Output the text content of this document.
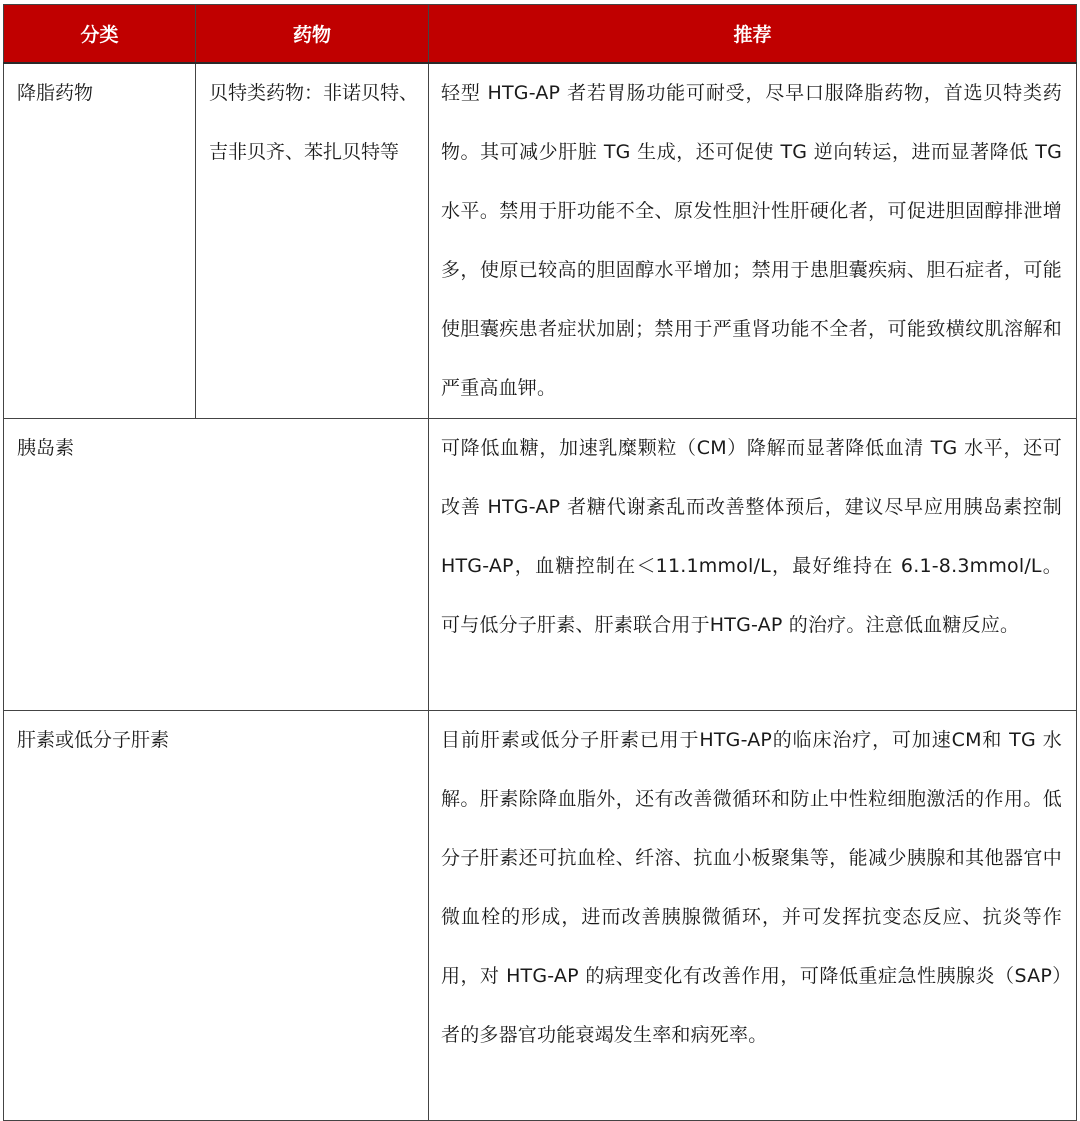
分类	药物	推荐
降脂药物	贝特类药物：非诺贝特、吉非贝齐、苯扎贝特等	轻型 HTG-AP 者若胃肠功能可耐受，尽早口服降脂药物，首选贝特类药物。其可减少肝脏 TG 生成，还可促使 TG 逆向转运，进而显著降低 TG 水平。禁用于肝功能不全、原发性胆汁性肝硬化者，可促进胆固醇排泄增多，使原已较高的胆固醇水平增加；禁用于患胆囊疾病、胆石症者，可能使胆囊疾患者症状加剧；禁用于严重肾功能不全者，可能致横纹肌溶解和严重高血钾。
胰岛素		可降低血糖，加速乳糜颗粒（CM）降解而显著降低血清 TG 水平，还可改善 HTG-AP 者糖代谢紊乱而改善整体预后，建议尽早应用胰岛素控制 HTG-AP，血糖控制在＜11.1mmol/L，最好维持在 6.1-8.3mmol/L。可与低分子肝素、肝素联合用于HTG-AP 的治疗。注意低血糖反应。
肝素或低分子肝素		目前肝素或低分子肝素已用于HTG-AP的临床治疗，可加速CM和 TG 水解。肝素除降血脂外，还有改善微循环和防止中性粒细胞激活的作用。低分子肝素还可抗血栓、纤溶、抗血小板聚集等，能减少胰腺和其他器官中微血栓的形成，进而改善胰腺微循环，并可发挥抗变态反应、抗炎等作用，对 HTG-AP 的病理变化有改善作用，可降低重症急性胰腺炎（SAP）者的多器官功能衰竭发生率和病死率。
